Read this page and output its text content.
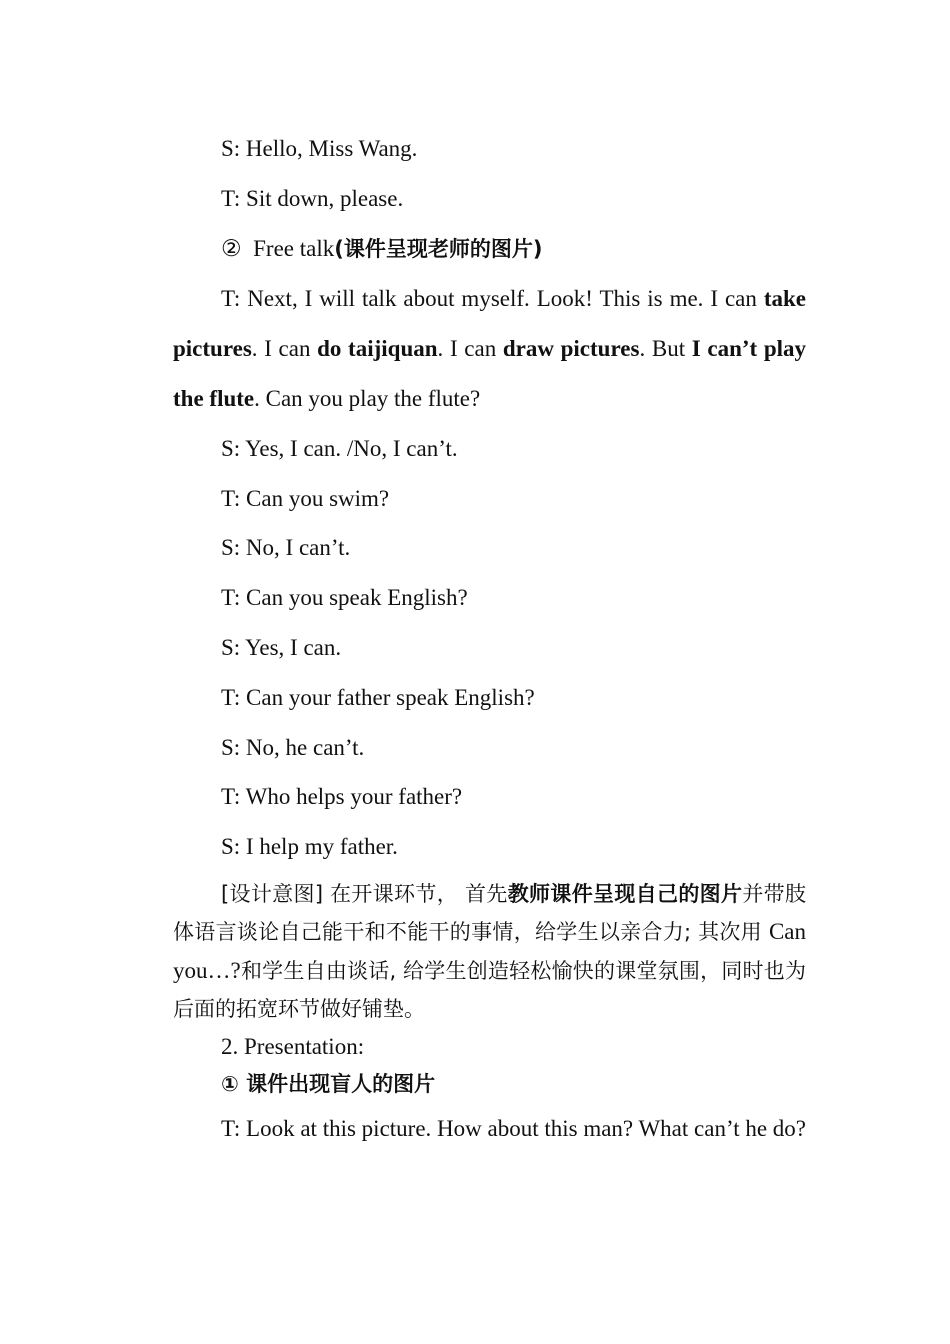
S: Hello, Miss Wang.
T: Sit down, please.
② Free talk(课件呈现老师的图片)
T: Next, I will talk about myself. Look! This is me. I can take pictures. I can do taijiquan. I can draw pictures. But I can’t play the flute. Can you play the flute?
S: Yes, I can. /No, I can’t.
T: Can you swim?
S: No, I can’t.
T: Can you speak English?
S: Yes, I can.
T: Can your father speak English?
S: No, he can’t.
T: Who helps your father?
S: I help my father.
[设计意图] 在开课环节， 首先教师课件呈现自己的图片并带肢体语言谈论自己能干和不能干的事情，给学生以亲合力; 其次用 Can you…?和学生自由谈话, 给学生创造轻松愉快的课堂氛围，同时也为后面的拓宽环节做好铺垫。
2. Presentation:
① 课件出现盲人的图片
T: Look at this picture. How about this man? What can’t he do?
